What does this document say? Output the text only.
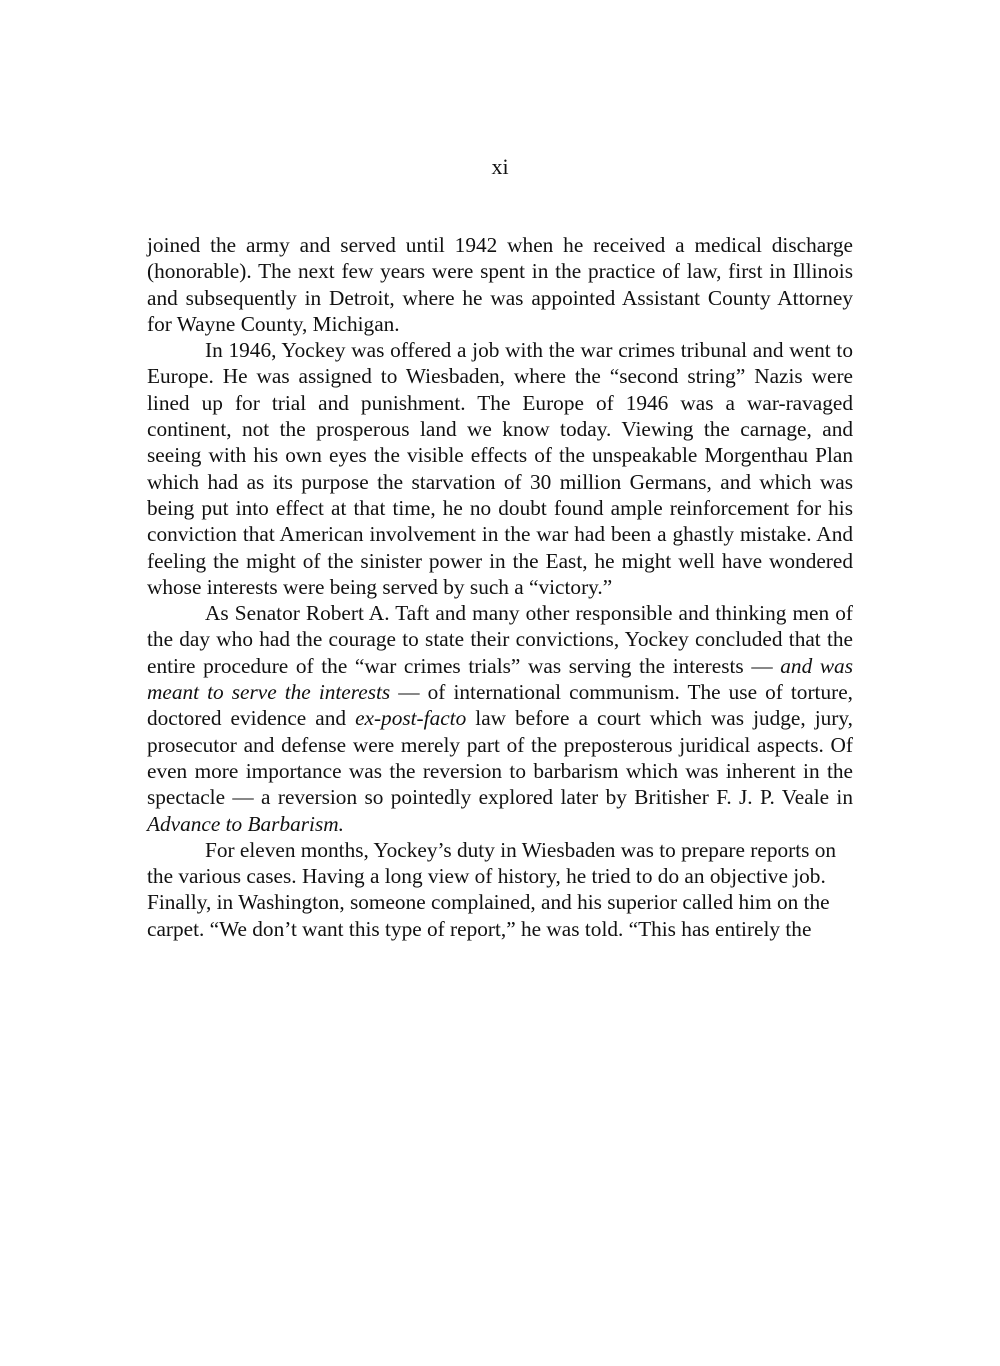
xi

joined the army and served until 1942 when he received a medical discharge (honorable). The next few years were spent in the practice of law, first in Illinois and subsequently in Detroit, where he was appointed Assistant County Attorney for Wayne County, Michigan.

In 1946, Yockey was offered a job with the war crimes tribunal and went to Europe. He was assigned to Wiesbaden, where the “second string” Nazis were lined up for trial and punishment. The Europe of 1946 was a war-ravaged continent, not the prosperous land we know today. Viewing the carnage, and seeing with his own eyes the visible effects of the unspeakable Morgenthau Plan which had as its purpose the starvation of 30 million Germans, and which was being put into effect at that time, he no doubt found ample reinforcement for his conviction that American involvement in the war had been a ghastly mistake. And feeling the might of the sinister power in the East, he might well have wondered whose interests were being served by such a “victory.”

As Senator Robert A. Taft and many other responsible and thinking men of the day who had the courage to state their convictions, Yockey concluded that the entire procedure of the “war crimes trials” was serving the interests — and was meant to serve the interests — of international communism. The use of torture, doctored evidence and ex-post-facto law before a court which was judge, jury, prosecutor and defense were merely part of the preposterous juridical aspects. Of even more importance was the reversion to barbarism which was inherent in the spectacle — a reversion so pointedly explored later by Britisher F. J. P. Veale in Advance to Barbarism.

For eleven months, Yockey’s duty in Wiesbaden was to prepare reports on the various cases. Having a long view of history, he tried to do an objective job. Finally, in Washington, someone complained, and his superior called him on the carpet. “We don’t want this type of report,” he was told. “This has entirely the
